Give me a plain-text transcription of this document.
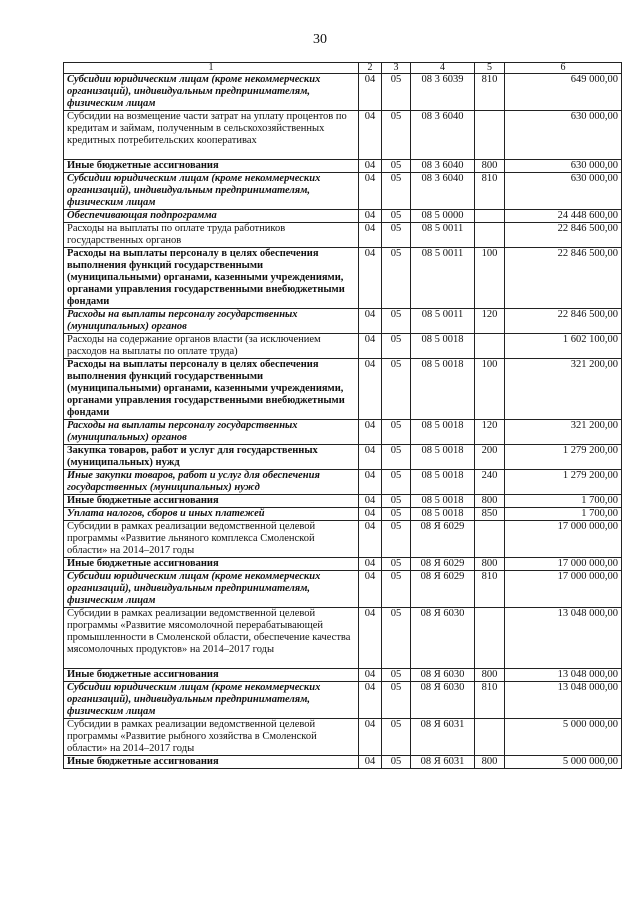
30
1	2	3	4	5	6
Субсидии юридическим лицам (кроме некоммерческих организаций), индивидуальным предпринимателям, физическим лицам	04	05	08 3 6039	810	649 000,00
Субсидии на возмещение части затрат на уплату процентов по кредитам и займам, полученным в сельскохозяйственных кредитных потребительских кооперативах	04	05	08 3 6040		630 000,00
Иные бюджетные ассигнования	04	05	08 3 6040	800	630 000,00
Субсидии юридическим лицам (кроме некоммерческих организаций), индивидуальным предпринимателям, физическим лицам	04	05	08 3 6040	810	630 000,00
Обеспечивающая подпрограмма	04	05	08 5 0000		24 448 600,00
Расходы на выплаты по оплате труда работников государственных органов	04	05	08 5 0011		22 846 500,00
Расходы на выплаты персоналу в целях обеспечения выполнения функций государственными (муниципальными) органами, казенными учреждениями, органами управления государственными внебюджетными фондами	04	05	08 5 0011	100	22 846 500,00
Расходы на выплаты персоналу государственных (муниципальных) органов	04	05	08 5 0011	120	22 846 500,00
Расходы на содержание органов власти (за исключением расходов на выплаты по оплате труда)	04	05	08 5 0018		1 602 100,00
Расходы на выплаты персоналу в целях обеспечения выполнения функций государственными (муниципальными) органами, казенными учреждениями, органами управления государственными внебюджетными фондами	04	05	08 5 0018	100	321 200,00
Расходы на выплаты персоналу государственных (муниципальных) органов	04	05	08 5 0018	120	321 200,00
Закупка товаров, работ и услуг для государственных (муниципальных) нужд	04	05	08 5 0018	200	1 279 200,00
Иные закупки товаров, работ и услуг для обеспечения государственных (муниципальных) нужд	04	05	08 5 0018	240	1 279 200,00
Иные бюджетные ассигнования	04	05	08 5 0018	800	1 700,00
Уплата налогов, сборов и иных платежей	04	05	08 5 0018	850	1 700,00
Субсидии в рамках реализации ведомственной целевой программы «Развитие льняного комплекса Смоленской области» на 2014–2017 годы	04	05	08 Я 6029		17 000 000,00
Иные бюджетные ассигнования	04	05	08 Я 6029	800	17 000 000,00
Субсидии юридическим лицам (кроме некоммерческих организаций), индивидуальным предпринимателям, физическим лицам	04	05	08 Я 6029	810	17 000 000,00
Субсидии в рамках реализации ведомственной целевой программы «Развитие мясомолочной перерабатывающей промышленности в Смоленской области, обеспечение качества мясомолочных продуктов» на 2014–2017 годы	04	05	08 Я 6030		13 048 000,00
Иные бюджетные ассигнования	04	05	08 Я 6030	800	13 048 000,00
Субсидии юридическим лицам (кроме некоммерческих организаций), индивидуальным предпринимателям, физическим лицам	04	05	08 Я 6030	810	13 048 000,00
Субсидии в рамках реализации ведомственной целевой программы «Развитие рыбного хозяйства в Смоленской области» на 2014–2017 годы	04	05	08 Я 6031		5 000 000,00
Иные бюджетные ассигнования	04	05	08 Я 6031	800	5 000 000,00
